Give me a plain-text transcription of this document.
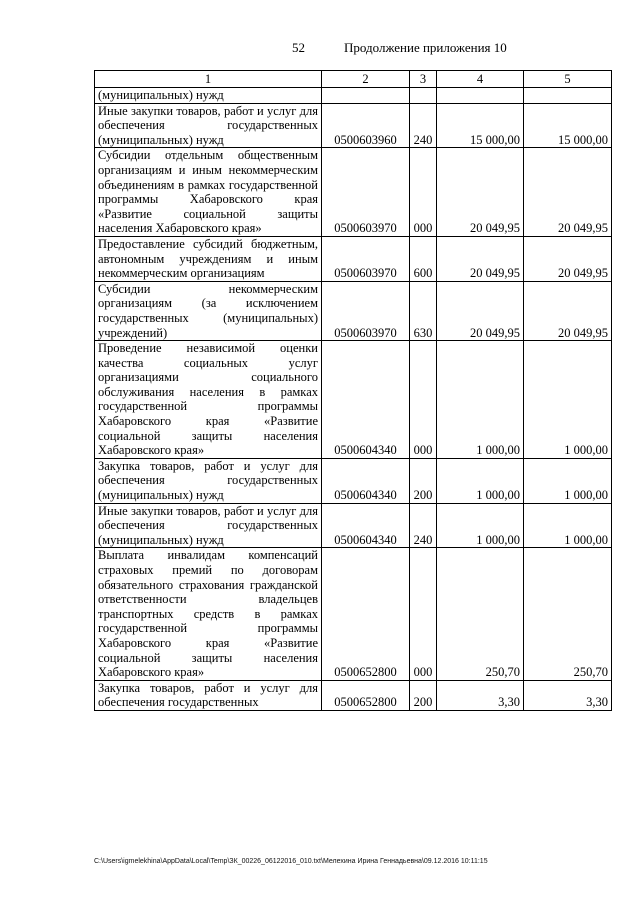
52	Продолжение приложения 10
1	2	3	4	5
(муниципальных) нужд				
Иные закупки товаров, работ и услуг для обеспечения государственных (муниципальных) нужд	0500603960	240	15 000,00	15 000,00
Субсидии отдельным общественным организациям и иным некоммерческим объединениям в рамках государственной программы Хабаровского края «Развитие социальной защиты населения Хабаровского края»	0500603970	000	20 049,95	20 049,95
Предоставление субсидий бюджетным, автономным учреждениям и иным некоммерческим организациям	0500603970	600	20 049,95	20 049,95
Субсидии некоммерческим организациям (за исключением государственных (муниципальных) учреждений)	0500603970	630	20 049,95	20 049,95
Проведение независимой оценки качества социальных услуг организациями социального обслуживания населения в рамках государственной программы Хабаровского края «Развитие социальной защиты населения Хабаровского края»	0500604340	000	1 000,00	1 000,00
Закупка товаров, работ и услуг для обеспечения государственных (муниципальных) нужд	0500604340	200	1 000,00	1 000,00
Иные закупки товаров, работ и услуг для обеспечения государственных (муниципальных) нужд	0500604340	240	1 000,00	1 000,00
Выплата инвалидам компенсаций страховых премий по договорам обязательного страхования гражданской ответственности владельцев транспортных средств в рамках государственной программы Хабаровского края «Развитие социальной защиты населения Хабаровского края»	0500652800	000	250,70	250,70
Закупка товаров, работ и услуг для обеспечения государственных	0500652800	200	3,30	3,30
C:\Users\igmelekhina\AppData\Local\Temp\ЗК_00226_06122016_010.txt\Мелехина Ирина Геннадьевна\09.12.2016 10:11:15
